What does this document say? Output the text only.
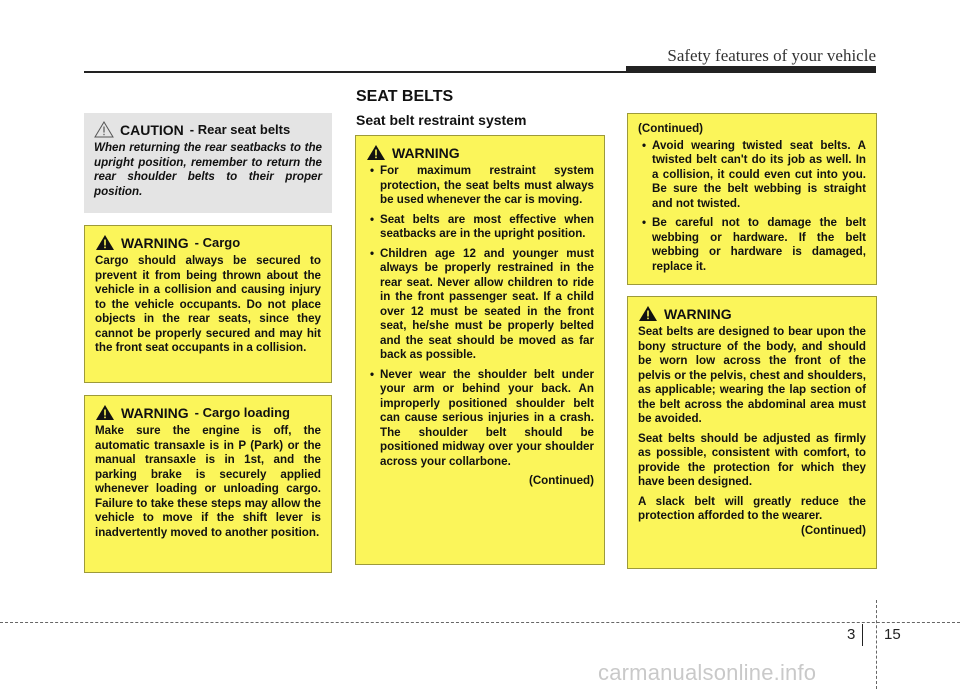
Safety features of your vehicle
SEAT BELTS
Seat belt restraint system
CAUTION - Rear seat belts
When returning the rear seatbacks to the upright position, remember to return the rear shoulder belts to their proper position.
WARNING - Cargo

Cargo should always be secured to prevent it from being thrown about the vehicle in a collision and causing injury to the vehicle occupants. Do not place objects in the rear seats, since they cannot be properly secured and may hit the front seat occupants in a collision.

WARNING - Cargo loading

Make sure the engine is off, the automatic transaxle is in P (Park) or the manual transaxle is in 1st, and the parking brake is securely applied whenever loading or unloading cargo. Failure to take these steps may allow the vehicle to move if the shift lever is inadvertently moved to another position.

WARNING
• For maximum restraint system protection, the seat belts must always be used whenever the car is moving.
• Seat belts are most effective when seatbacks are in the upright position.
• Children age 12 and younger must always be properly restrained in the rear seat. Never allow children to ride in the front passenger seat. If a child over 12 must be seated in the front seat, he/she must be properly belted and the seat should be moved as far back as possible.
• Never wear the shoulder belt under your arm or behind your back. An improperly positioned shoulder belt can cause serious injuries in a crash. The shoulder belt should be positioned midway over your shoulder across your collarbone.
(Continued)
(Continued)
• Avoid wearing twisted seat belts. A twisted belt can't do its job as well. In a collision, it could even cut into you. Be sure the belt webbing is straight and not twisted.
• Be careful not to damage the belt webbing or hardware. If the belt webbing or hardware is damaged, replace it.
WARNING

Seat belts are designed to bear upon the bony structure of the body, and should be worn low across the front of the pelvis or the pelvis, chest and shoulders, as applicable; wearing the lap section of the belt across the abdominal area must be avoided.

Seat belts should be adjusted as firmly as possible, consistent with comfort, to provide the protection for which they have been designed.

A slack belt will greatly reduce the protection afforded to the wearer.

(Continued)
3 15
carmanualsonline.info
